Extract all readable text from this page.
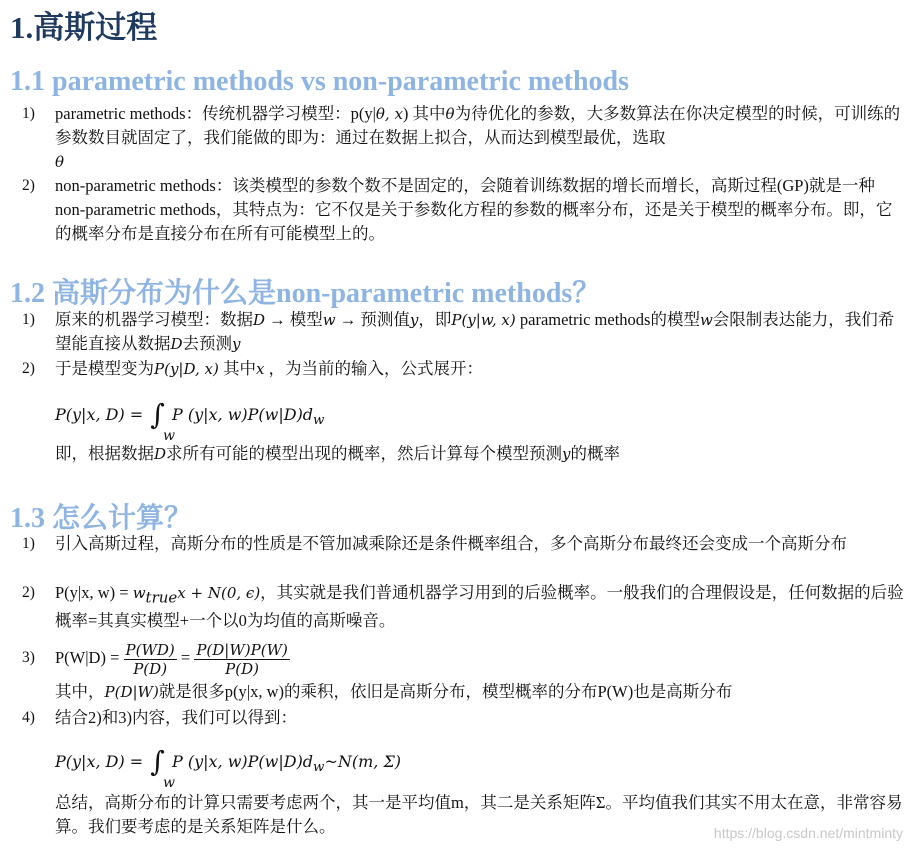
1.高斯过程
1.1 parametric methods vs non-parametric methods
1)	parametric methods：传统机器学习模型：p(y|θ, x) 其中θ为待优化的参数，大多数算法在你决定模型的时候，可训练的参数数目就固定了，我们能做的即为：通过在数据上拟合，从而达到模型最优，选取
θ
2)	non-parametric methods：该类模型的参数个数不是固定的，会随着训练数据的增长而增长，高斯过程(GP)就是一种non-parametric methods，其特点为：它不仅是关于参数化方程的参数的概率分布，还是关于模型的概率分布。即，它的概率分布是直接分布在所有可能模型上的。
1.2 高斯分布为什么是non-parametric methods？
1)	原来的机器学习模型：数据D → 模型w → 预测值y，即P(y|w, x) parametric methods的模型w会限制表达能力，我们希望能直接从数据D去预测y
2)	于是模型变为P(y|D, x) 其中x ，为当前的输入，公式展开：
P(y|x, D) = ∫ P (y|x, $w)P(w|D)d_w$
w
即，根据数据D求所有可能的模型出现的概率，然后计算每个模型预测y的概率
1.3 怎么计算？
1)	引入高斯过程，高斯分布的性质是不管加减乘除还是条件概率组合，多个高斯分布最终还会变成一个高斯分布
2)	P(y|x, $w) = w_{true}x + N(0$, ϵ)，其实就是我们普通机器学习用到的后验概率。一般我们的合理假设是，任何数据的后验概率=其真实模型+一个以0为均值的高斯噪音。
3)	$P(W|D) = \frac{P(WD)}{P(D)} = \frac{P(D|W)P(W)}{P(D)}$
其中，P(D|W)就是很多p(y|x, w)的乘积，依旧是高斯分布，模型概率的分布P(W)也是高斯分布
4)	结合2)和3)内容，我们可以得到：
P(y|x, D) = ∫ P (y|x, $w)P(w|D)d_w\sim N(m$, Σ)
w
总结，高斯分布的计算只需要考虑两个，其一是平均值m，其二是关系矩阵Σ。平均值我们其实不用太在意，非常容易算。我们要考虑的是关系矩阵是什么。	https://blog.csdn.net/mintminty
